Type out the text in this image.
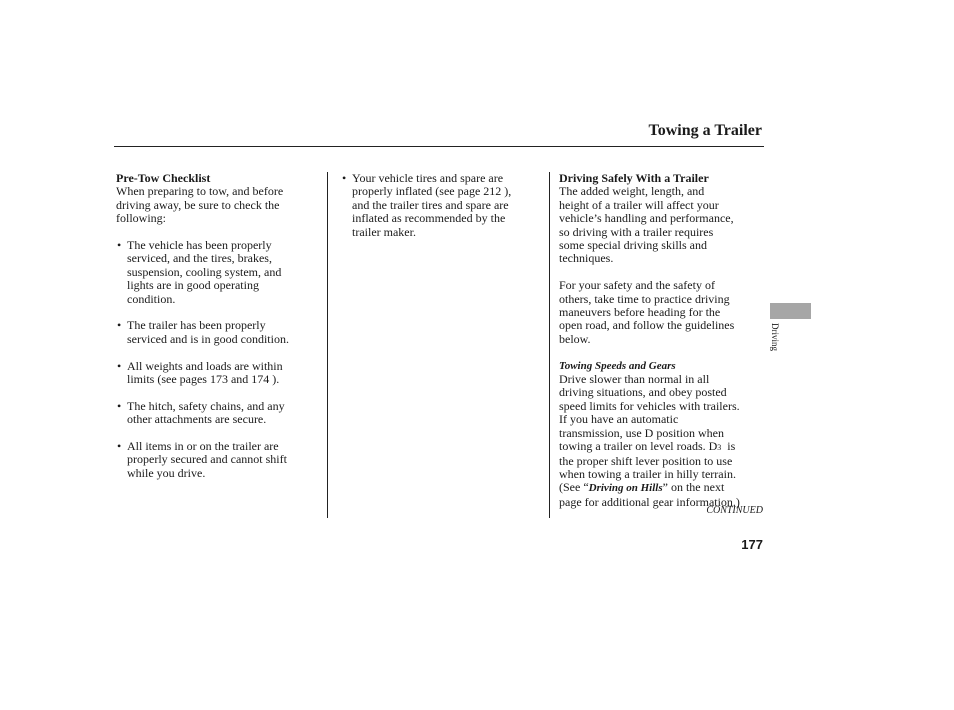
Towing a Trailer
Driving

Pre-Tow Checklist

When preparing to tow, and before

driving away, be sure to check the

following:

• The vehicle has been properly
serviced, and the tires, brakes,
suspension, cooling system, and
lights are in good operating
condition.
• The trailer has been properly
serviced and is in good condition.
• All weights and loads are within
limits (see pages 173 and 174 ).
• The hitch, safety chains, and any
other attachments are secure.
• All items in or on the trailer are
properly secured and cannot shift
while you drive.
• Your vehicle tires and spare are
properly inflated (see page 212 ),
and the trailer tires and spare are
inflated as recommended by the
trailer maker.

Driving Safely With a Trailer

The added weight, length, and

height of a trailer will affect your

vehicle’s handling and performance,

so driving with a trailer requires

some special driving skills and

techniques.

For your safety and the safety of

others, take time to practice driving

maneuvers before heading for the

open road, and follow the guidelines

below.

Towing Speeds and Gears

Drive slower than normal in all

driving situations, and obey posted

speed limits for vehicles with trailers.

If you have an automatic

transmission, use D position when

towing a trailer on level roads. D3  is

the proper shift lever position to use

when towing a trailer in hilly terrain.

(See “Driving on Hills” on the next

page for additional gear information.)

CONTINUED
177
